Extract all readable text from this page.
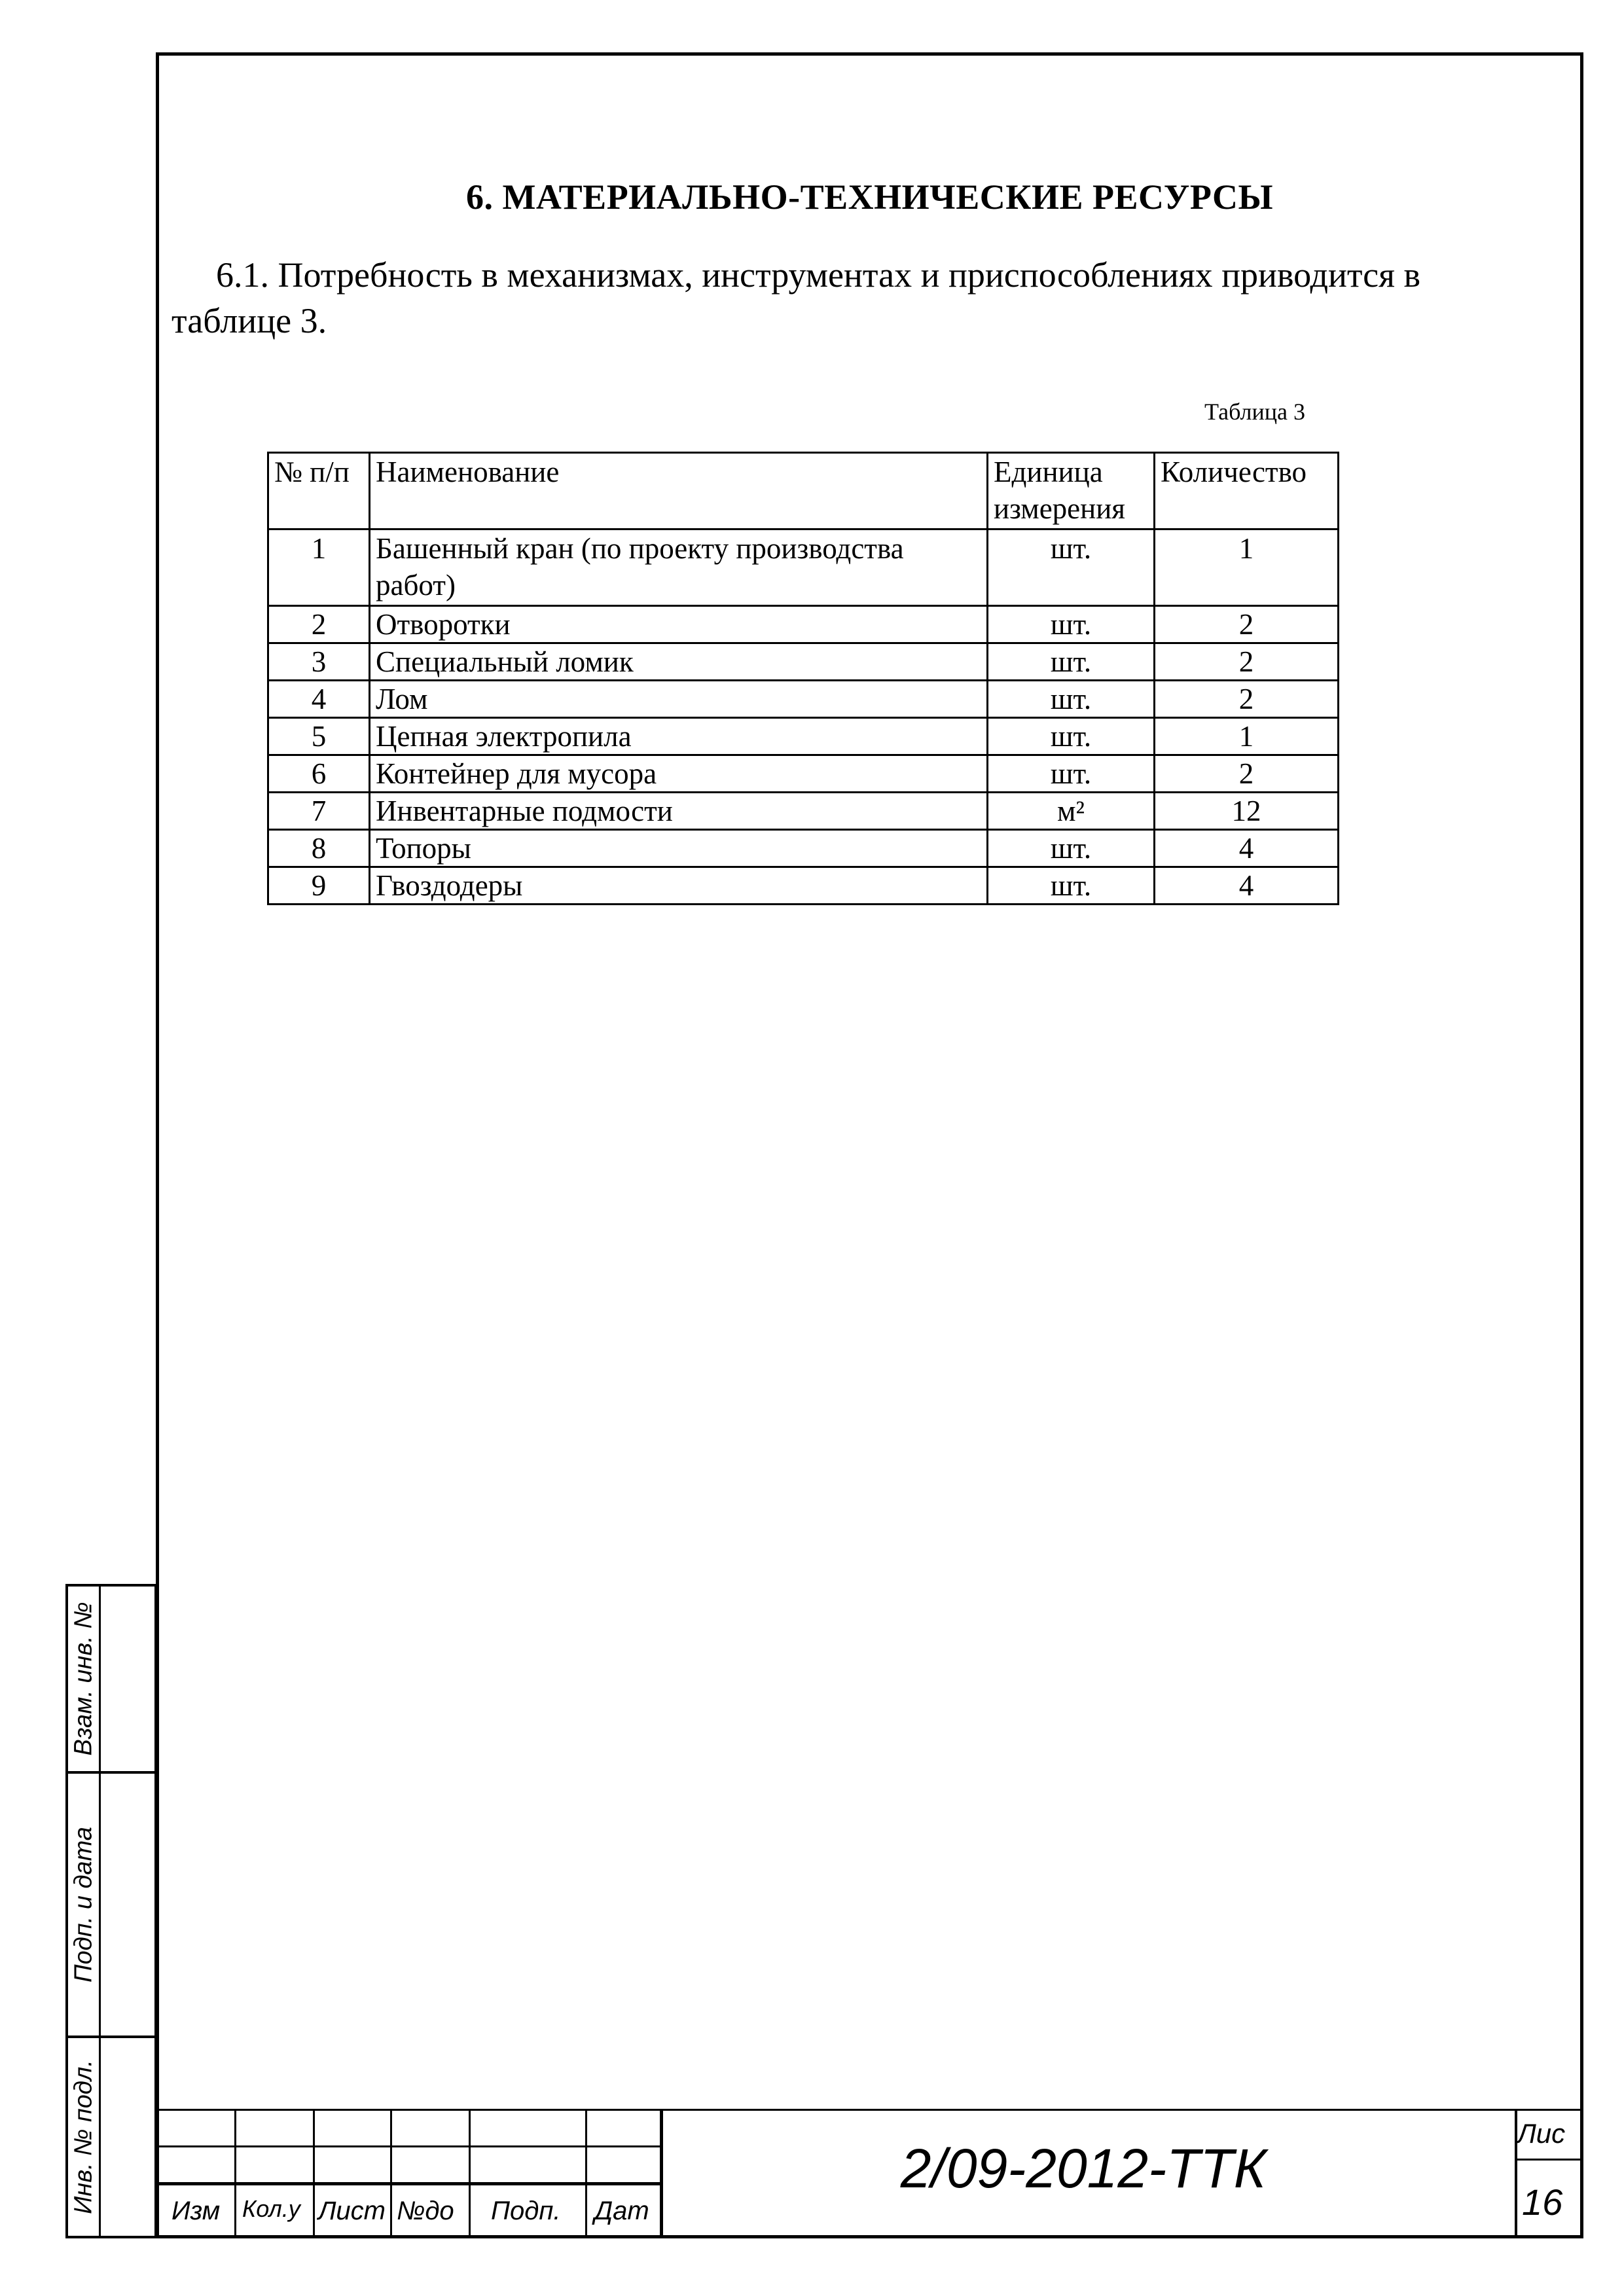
Взам. инв. №
Подп. и дата
Инв. № подл.
6. МАТЕРИАЛЬНО-ТЕХНИЧЕСКИЕ РЕСУРСЫ

6.1. Потребность в механизмах, инструментах и приспособлениях приводится в таблице 3.

Таблица 3
№ п/п	Наименование	Единица измерения	Количество
1	Башенный кран (по проекту производства работ)	шт.	1
2	Отворотки	шт.	2
3	Специальный ломик	шт.	2
4	Лом	шт.	2
5	Цепная электропила	шт.	1
6	Контейнер для мусора	шт.	2
7	Инвентарные подмости	м²	12
8	Топоры	шт.	4
9	Гвоздодеры	шт.	4
Изм Кол.у Лист №до Подп. Дат
2/09-2012-ТТК
Лис
16
